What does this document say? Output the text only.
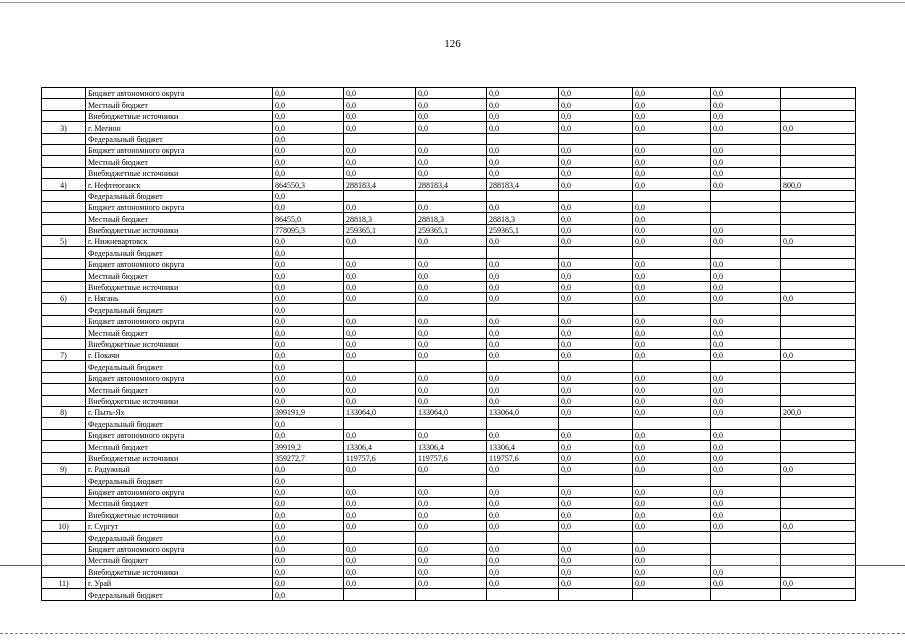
126
	Бюджет автономного округа	0,0	0,0	0,0	0,0	0,0	0,0	0,0	
	Местный бюджет	0,0	0,0	0,0	0,0	0,0	0,0	0,0	
	Внебюджетные источники	0,0	0,0	0,0	0,0	0,0	0,0	0,0	
3)	г. Мегион	0,0	0,0	0,0	0,0	0,0	0,0	0,0	0,0
	Федеральный бюджет	0,0							
	Бюджет автономного округа	0,0	0,0	0,0	0,0	0,0	0,0	0,0	
	Местный бюджет	0,0	0,0	0,0	0,0	0,0	0,0	0,0	
	Внебюджетные источники	0,0	0,0	0,0	0,0	0,0	0,0	0,0	
4)	г. Нефтеюганск	864550,3	288183,4	288183,4	288183,4	0,0	0,0	0,0	800,0
	Федеральный бюджет	0,0							
	Бюджет автономного округа	0,0	0,0	0,0	0,0	0,0	0,0		
	Местный бюджет	86455,0	28818,3	28818,3	28818,3	0,0	0,0		
	Внебюджетные источники	778095,3	259365,1	259365,1	259365,1	0,0	0,0	0,0	
5)	г. Нижневартовск	0,0	0,0	0,0	0,0	0,0	0,0	0,0	0,0
	Федеральный бюджет	0,0							
	Бюджет автономного округа	0,0	0,0	0,0	0,0	0,0	0,0	0,0	
	Местный бюджет	0,0	0,0	0,0	0,0	0,0	0,0	0,0	
	Внебюджетные источники	0,0	0,0	0,0	0,0	0,0	0,0	0,0	
6)	г. Нягань	0,0	0,0	0,0	0,0	0,0	0,0	0,0	0,0
	Федеральный бюджет	0,0							
	Бюджет автономного округа	0,0	0,0	0,0	0,0	0,0	0,0	0,0	
	Местный бюджет	0,0	0,0	0,0	0,0	0,0	0,0	0,0	
	Внебюджетные источники	0,0	0,0	0,0	0,0	0,0	0,0	0,0	
7)	г. Покачи	0,0	0,0	0,0	0,0	0,0	0,0	0,0	0,0
	Федеральный бюджет	0,0							
	Бюджет автономного округа	0,0	0,0	0,0	0,0	0,0	0,0	0,0	
	Местный бюджет	0,0	0,0	0,0	0,0	0,0	0,0	0,0	
	Внебюджетные источники	0,0	0,0	0,0	0,0	0,0	0,0	0,0	
8)	г. Пыть-Ях	399191,9	133064,0	133064,0	133064,0	0,0	0,0	0,0	200,0
	Федеральный бюджет	0,0							
	Бюджет автономного округа	0,0	0,0	0,0	0,0	0,0	0,0	0,0	
	Местный бюджет	39919,2	13306,4	13306,4	13306,4	0,0	0,0	0,0	
	Внебюджетные источники	359272,7	119757,6	119757,6	119757,6	0,0	0,0	0,0	
9)	г. Радужный	0,0	0,0	0,0	0,0	0,0	0,0	0,0	0,0
	Федеральный бюджет	0,0							
	Бюджет автономного округа	0,0	0,0	0,0	0,0	0,0	0,0	0,0	
	Местный бюджет	0,0	0,0	0,0	0,0	0,0	0,0	0,0	
	Внебюджетные источники	0,0	0,0	0,0	0,0	0,0	0,0	0,0	
10)	г. Сургут	0,0	0,0	0,0	0,0	0,0	0,0	0,0	0,0
	Федеральный бюджет	0,0							
	Бюджет автономного округа	0,0	0,0	0,0	0,0	0,0	0,0		
	Местный бюджет	0,0	0,0	0,0	0,0	0,0	0,0		
	Внебюджетные источники	0,0	0,0	0,0	0,0	0,0	0,0	0,0	
11)	г. Урай	0,0	0,0	0,0	0,0	0,0	0,0	0,0	0,0
	Федеральный бюджет	0,0							
